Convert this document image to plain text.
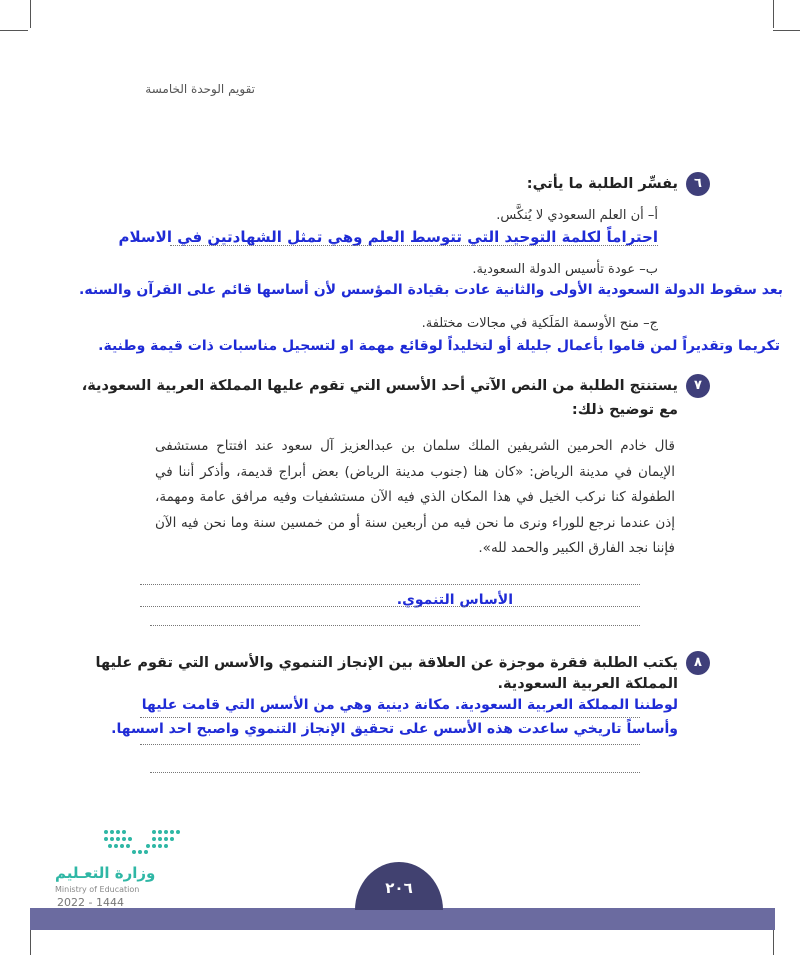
تقويم الوحدة الخامسة
٦
يفسِّر الطلبة ما يأتي:
أ– أن العلم السعودي لا يُنكَّس.
احتراماً لكلمة التوحيد التي تتوسط العلم وهي تمثل الشهادتين في الاسلام
ب– عودة تأسيس الدولة السعودية.
بعد سقوط الدولة السعودية الأولى والثانية عادت بقيادة المؤسس لأن أساسها قائم على القرآن والسنه.
ج– منح الأوسمة المَلَكية في مجالات مختلفة.
تكريما وتقديراً لمن قاموا بأعمال جليلة أو لتخليداً لوقائع مهمة او لتسجيل مناسبات ذات قيمة وطنية.
٧
يستنتج الطلبة من النص الآتي أحد الأسس التي تقوم عليها المملكة العربية السعودية،
مع توضيح ذلك:
قال خادم الحرمين الشريفين الملك سلمان بن عبدالعزيز آل سعود عند افتتاح مستشفى الإيمان في مدينة الرياض: «كان هنا (جنوب مدينة الرياض) بعض أبراج قديمة، وأذكر أننا في الطفولة كنا نركب الخيل في هذا المكان الذي فيه الآن مستشفيات وفيه مرافق عامة ومهمة، إذن عندما نرجع للوراء ونرى ما نحن فيه من أربعين سنة أو من خمسين سنة وما نحن فيه الآن فإننا نجد الفارق الكبير والحمد لله».
الأساس التنموي.
٨
يكتب الطلبة فقرة موجزة عن العلاقة بين الإنجاز التنموي والأسس التي تقوم عليها
المملكة العربية السعودية.
لوطننا المملكة العربية السعودية. مكانة دينية وهي من الأسس التي قامت عليها
وأساساً تاريخي ساعدت هذه الأسس على تحقيق الإنجاز التنموي واصبح احد اسسها.
وزارة التعـليم
Ministry of Education
2022 - 1444
٢٠٦
